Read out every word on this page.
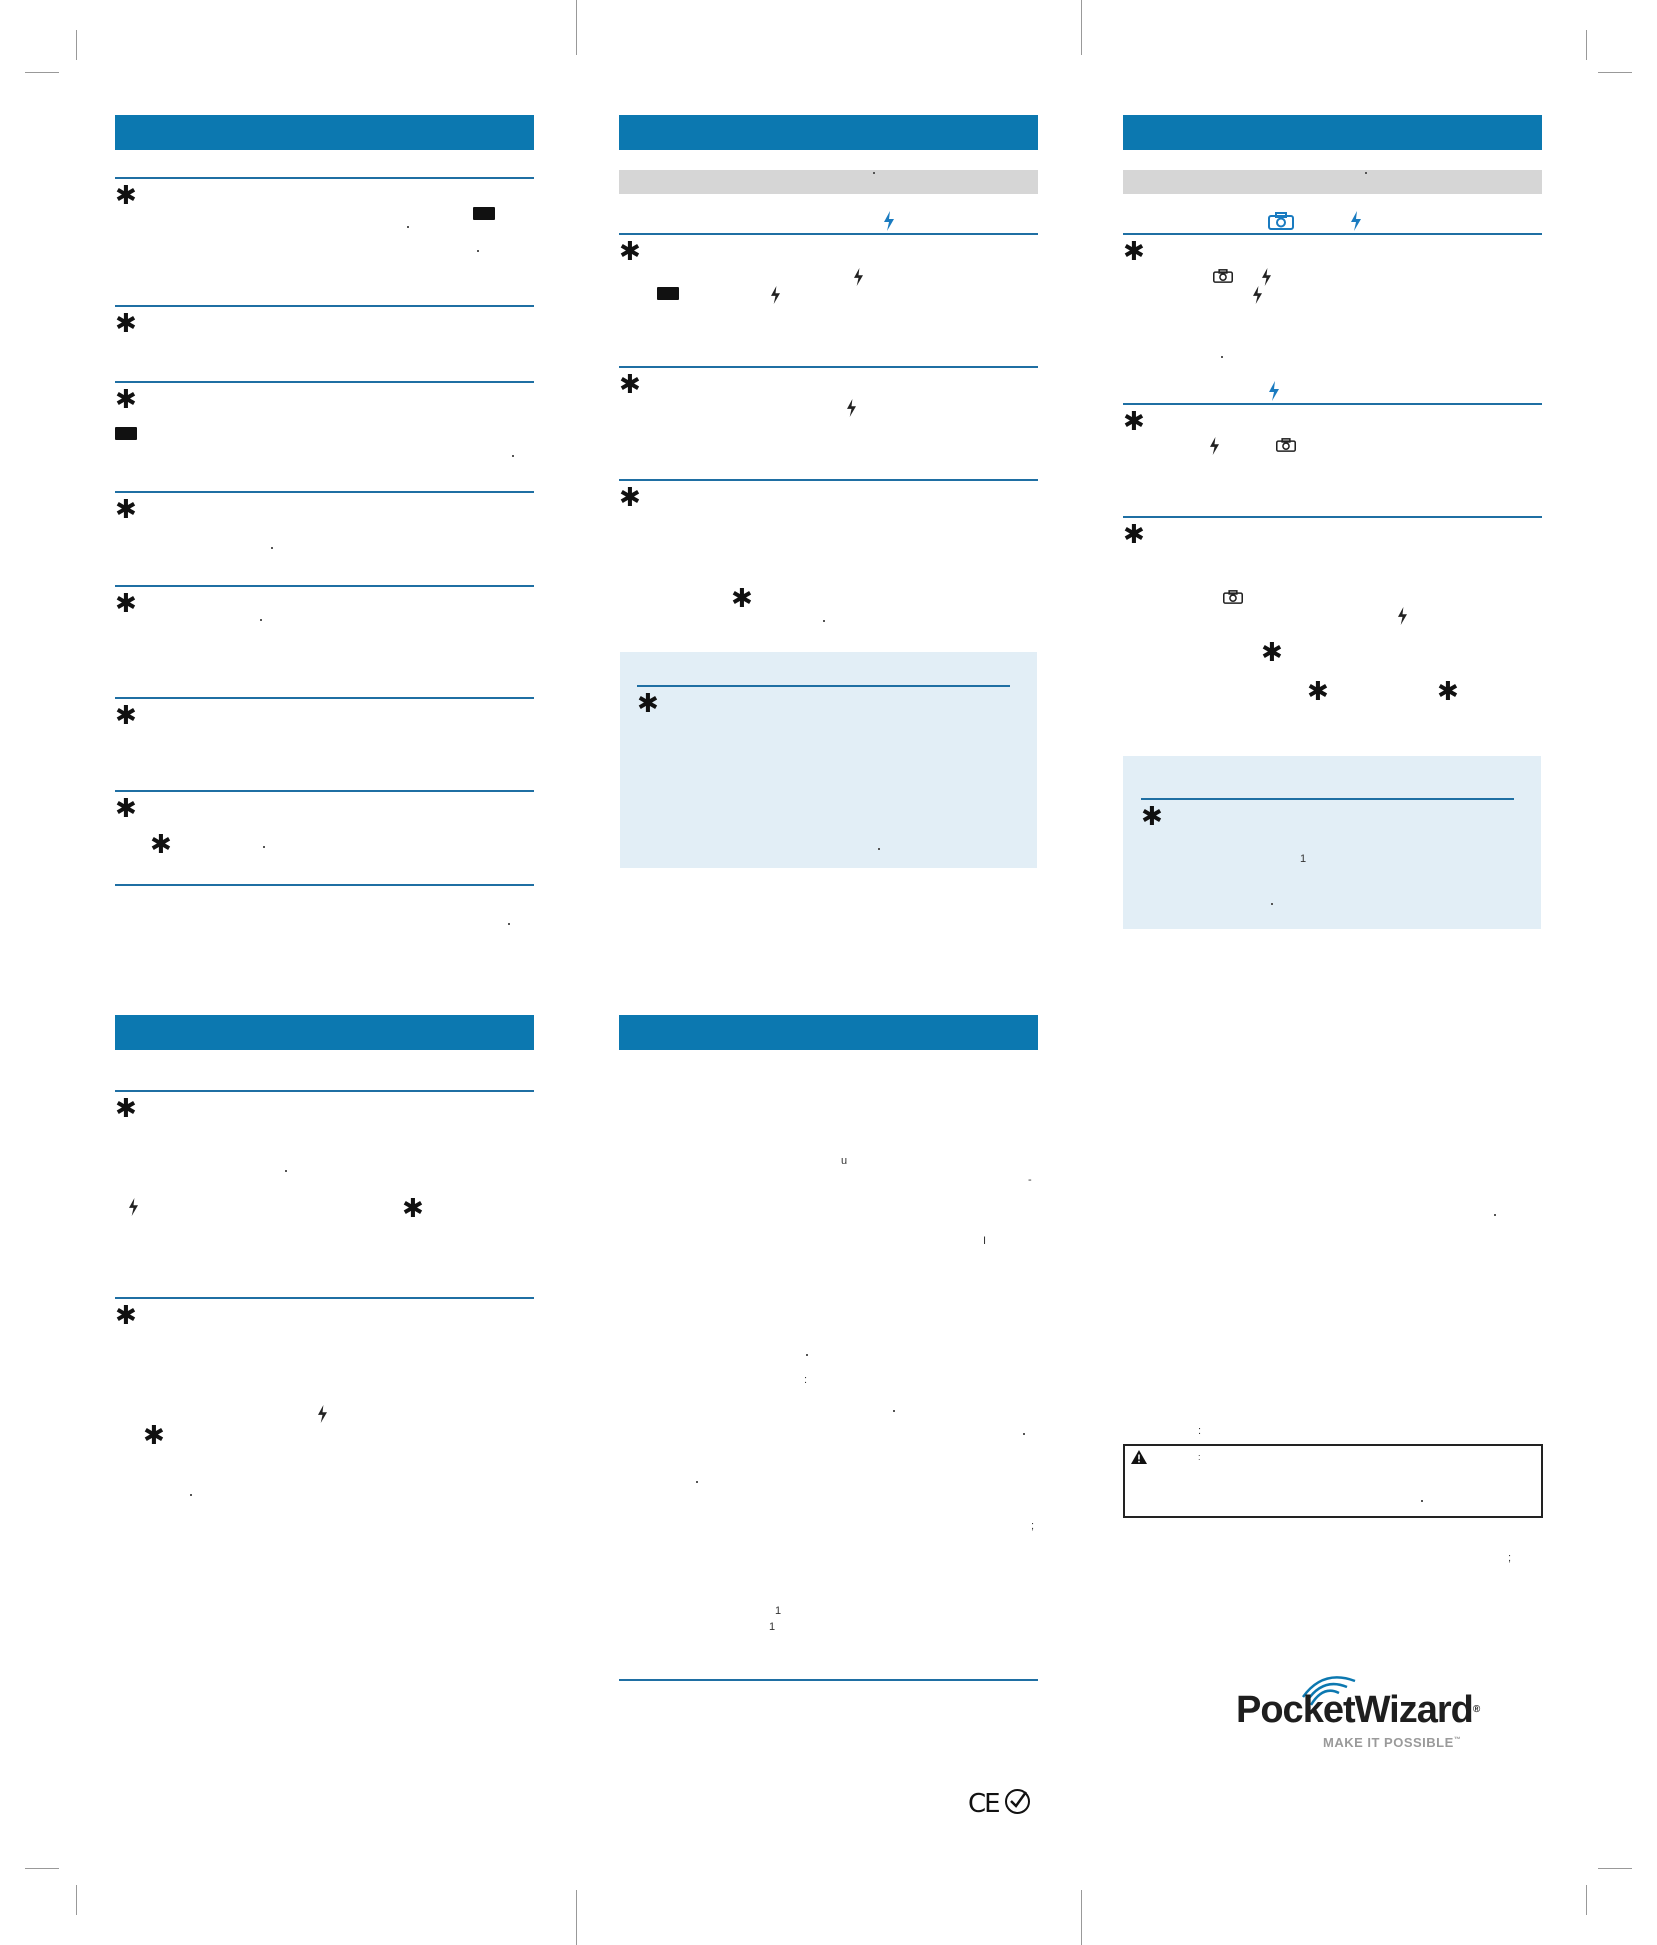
✱
✱
✱
✱
✱
✱
✱
✱
✱
✱
✱
✱
✱
✱
✱
✱
✱
✱	✱
✱
1
✱
✱
✱
✱
u
-
I
:
;
1
1
CE
:
:
;
PocketWizard®
MAKE IT POSSIBLE™
